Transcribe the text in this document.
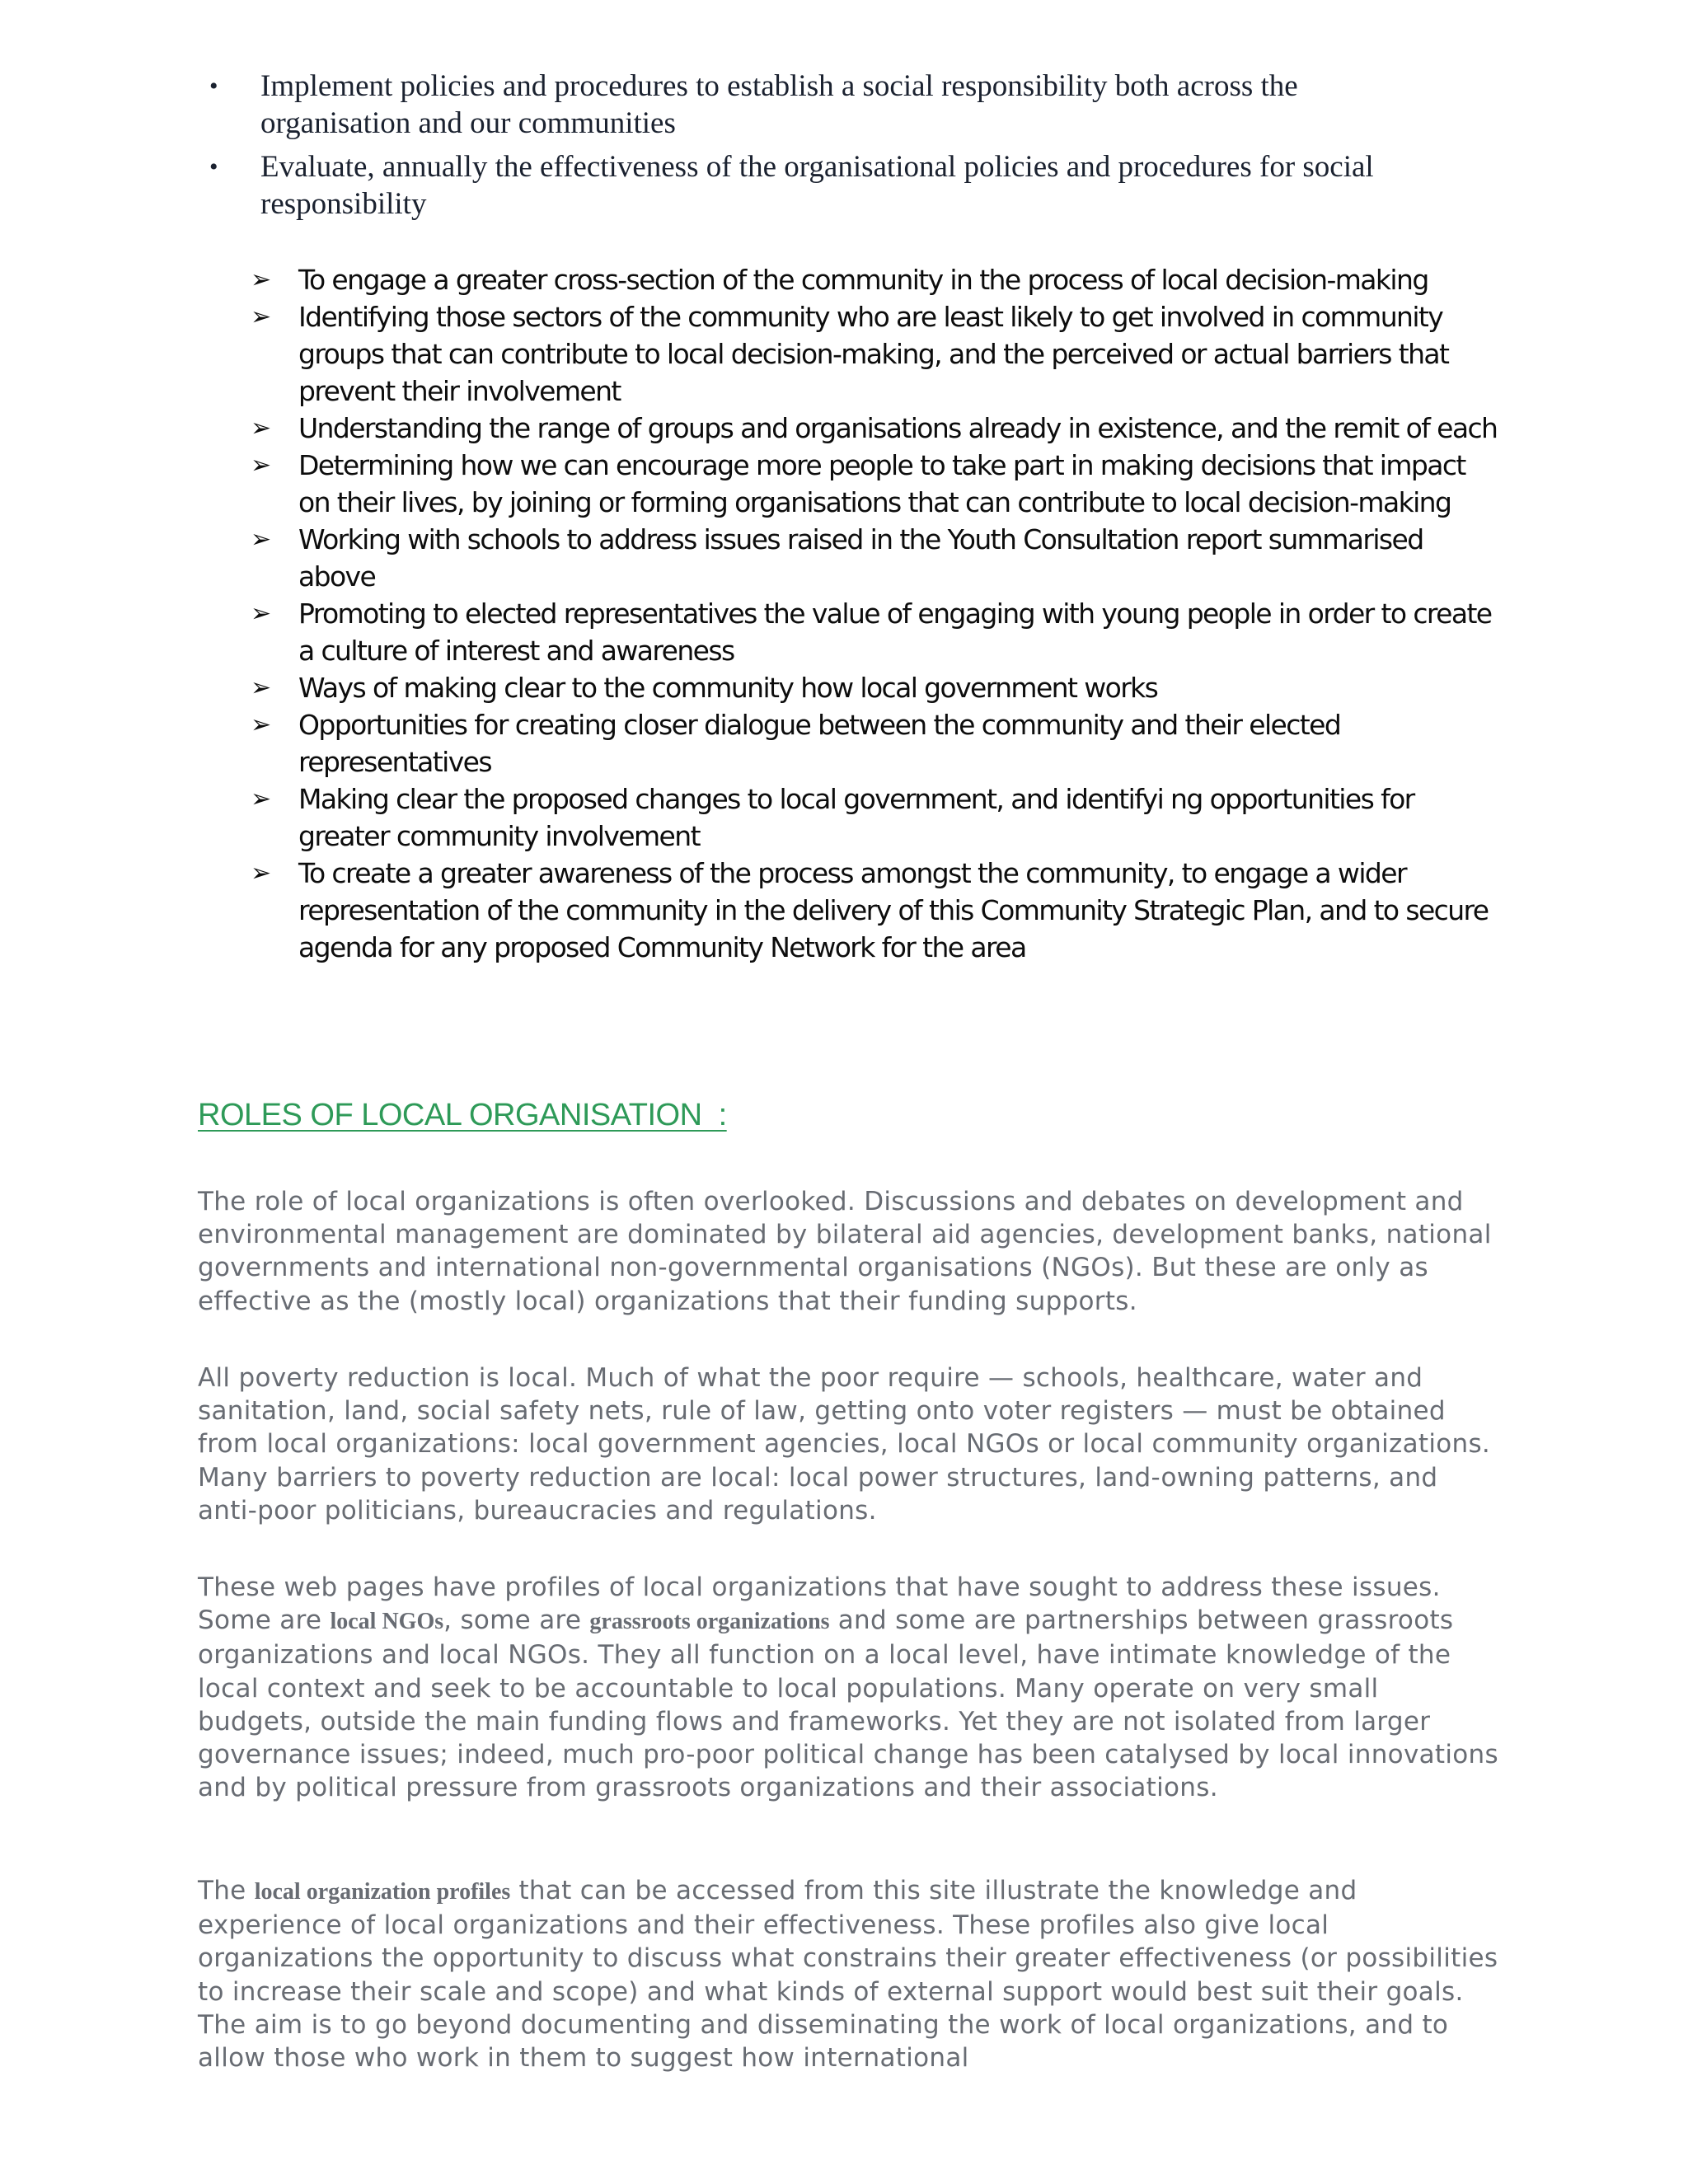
• Implement policies and procedures to establish a social responsibility both across the organisation and our communities
• Evaluate, annually the effectiveness of the organisational policies and procedures for social responsibility
➢ To engage a greater cross-section of the community in the process of local decision-making
➢ Identifying those sectors of the community who are least likely to get involved in community groups that can contribute to local decision-making, and the perceived or actual barriers that prevent their involvement
➢ Understanding the range of groups and organisations already in existence, and the remit of each
➢ Determining how we can encourage more people to take part in making decisions that impact on their lives, by joining or forming organisations that can contribute to local decision-making
➢ Working with schools to address issues raised in the Youth Consultation report summarised above
➢ Promoting to elected representatives the value of engaging with young people in order to create a culture of interest and awareness
➢ Ways of making clear to the community how local government works
➢ Opportunities for creating closer dialogue between the community and their elected representatives
➢ Making clear the proposed changes to local government, and identifyi ng opportunities for greater community involvement
➢ To create a greater awareness of the process amongst the community, to engage a wider representation of the community in the delivery of this Community Strategic Plan, and to secure agenda for any proposed Community Network for the area
ROLES OF LOCAL ORGANISATION  :

The role of local organizations is often overlooked. Discussions and debates on development and environmental management are dominated by bilateral aid agencies, development banks, national governments and international non-governmental organisations (NGOs). But these are only as effective as the (mostly local) organizations that their funding supports.

All poverty reduction is local. Much of what the poor require — schools, healthcare, water and sanitation, land, social safety nets, rule of law, getting onto voter registers — must be obtained from local organizations: local government agencies, local NGOs or local community organizations. Many barriers to poverty reduction are local: local power structures, land-owning patterns, and anti-poor politicians, bureaucracies and regulations.

These web pages have profiles of local organizations that have sought to address these issues. Some are local NGOs, some are grassroots organizations and some are partnerships between grassroots organizations and local NGOs. They all function on a local level, have intimate knowledge of the local context and seek to be accountable to local populations. Many operate on very small budgets, outside the main funding flows and frameworks. Yet they are not isolated from larger governance issues; indeed, much pro-poor political change has been catalysed by local innovations and by political pressure from grassroots organizations and their associations.

The local organization profiles that can be accessed from this site illustrate the knowledge and experience of local organizations and their effectiveness. These profiles also give local organizations the opportunity to discuss what constrains their greater effectiveness (or possibilities to increase their scale and scope) and what kinds of external support would best suit their goals. The aim is to go beyond documenting and disseminating the work of local organizations, and to allow those who work in them to suggest how international
